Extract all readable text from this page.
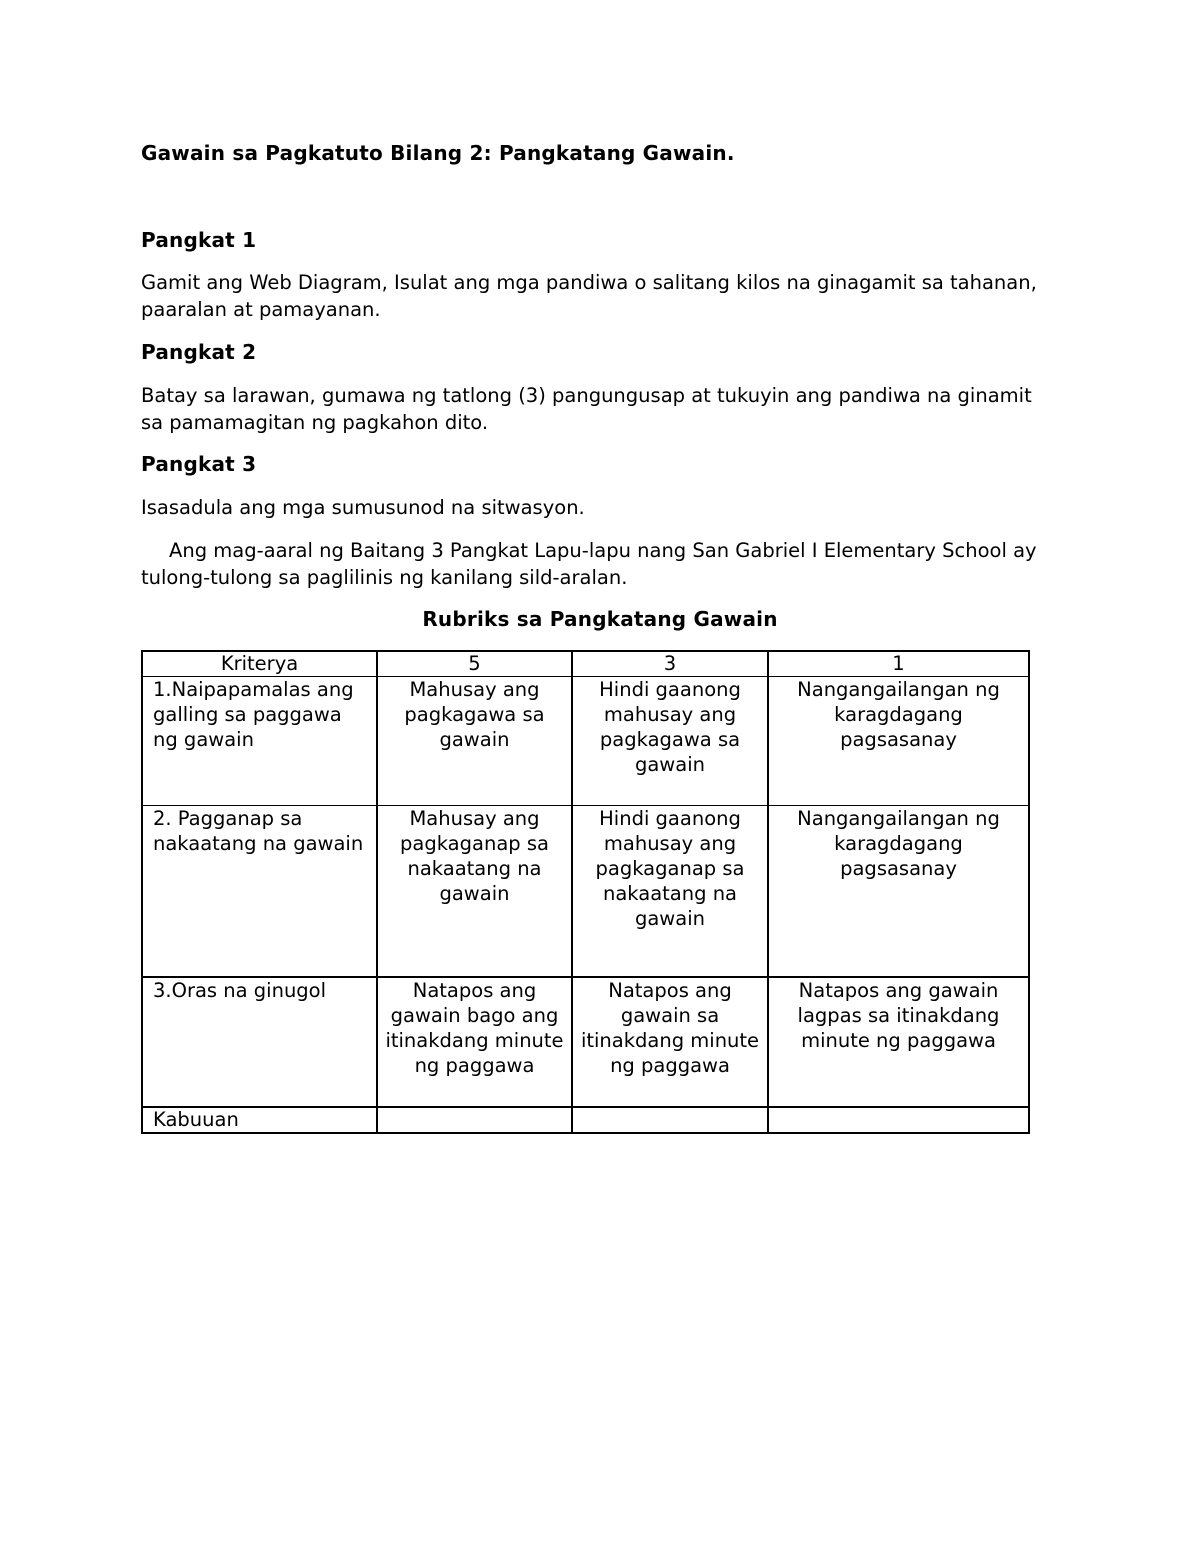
Gawain sa Pagkatuto Bilang 2: Pangkatang Gawain.
Pangkat 1

Gamit ang Web Diagram, Isulat ang mga pandiwa o salitang kilos na ginagamit sa tahanan, paaralan at pamayanan.

Pangkat 2

Batay sa larawan, gumawa ng tatlong (3) pangungusap at tukuyin ang pandiwa na ginamit sa pamamagitan ng pagkahon dito.

Pangkat 3

Isasadula ang mga sumusunod na sitwasyon.

Ang mag-aaral ng Baitang 3 Pangkat Lapu-lapu nang San Gabriel I Elementary School ay tulong-tulong sa paglilinis ng kanilang sild-aralan.

Rubriks sa Pangkatang Gawain
Kriterya	5	3	1
1.Naipapamalas ang galling sa paggawa ng gawain	Mahusay ang pagkagawa sa gawain	Hindi gaanong mahusay ang pagkagawa sa gawain	Nangangailangan ng karagdagang pagsasanay
2. Pagganap sa nakaatang na gawain	Mahusay ang pagkaganap sa nakaatang na gawain	Hindi gaanong mahusay ang pagkaganap sa nakaatang na gawain	Nangangailangan ng karagdagang pagsasanay
3.Oras na ginugol	Natapos ang gawain bago ang itinakdang minute ng paggawa	Natapos ang gawain sa itinakdang minute ng paggawa	Natapos ang gawain lagpas sa itinakdang minute ng paggawa
Kabuuan			
